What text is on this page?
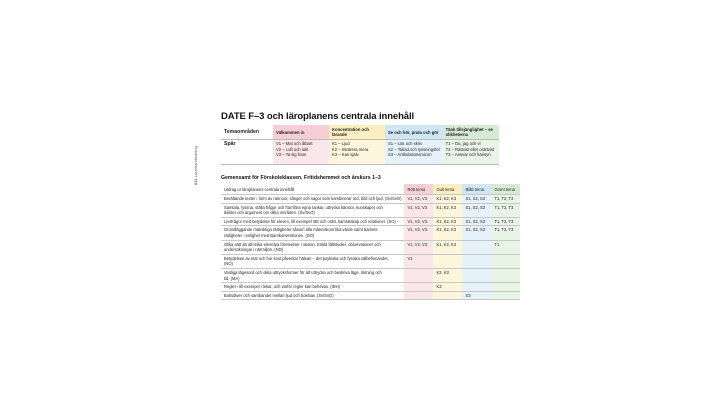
611 Lärarhandledning
DATE F–3 och läroplanens centrala innehåll
Temaområden	Välkommen in	Koncentration och lärande	Se och hör, prata och gör	Tänk tillsjänglighet – se olikheterna
Spår	V1 – Mat och åtbart
V2 – Luft och lukt
V3 – Ta sig fram	K1 – Ljud
K2 – Inträrera mera
K3 – Kan själv	S1 – Läs och skriv
S2 – Tal/ad och lyssningsfel
S3 – Artikulationsmicon	T1 – Du, jag och vi
T2 – Rättvist eller orättvist
T3 – Ansvar och hänsyn
Gemensamt för Förskoleklassen, Fritidshemmet och årskurs 1–3
Utdrag ur läroplanens centrala innehåll	Rött tema	Gult tema	Blått tema	Grönt tema

Berättande texter i form av rarinoor, sånger och sagor som kombinerar ord, bild och ljud. (Sv/SvO)	V1, V2, V3	K1, K2, K3	S1, S2, S3	T1, T2, T3

Samtala, lyssna, ställa frågor och framföra egna tankar, uttrycka känslor, kunskaper och
åsikter och argument om olika områden. (Sv/SvO)	V1, V2, V3	K1, K2, K3	S1, S2, S3	T1, T2, T3

Livsfrågor med betydelse för eleven, till exempel rätt och orätt, kamratskap och relationer. (SO)	V1, V2, V3	K1, K2, K3	S1, S2, S3	T1, T2, T3

Grundläggande mänskliga rättigheter såsom alla människors lika värde samt barnets
rättigheter i enlighet med Barnkonventionen. (SO)	V1, V2, V3	K1, K2, K3	S1, S2, S3	T1, T2, T3

Olika sätt att utforska elevnära företeelser i skolan. Enkla fältstudier, observationer och
undersökningar i närmiljön. (NO)	V1, V2, V3	K1, K2, K3		T1

Betydelsen av mat och hur kost påverkar hälsan – det psykiska och fysiska välbefinnandet.
(NO)	V1			

Vanliga lägesord och olika uttrycksformer för att uttrycka och beskriva läge, riktning och
tid. (MA)		K2, K3		

Regler i till exempel i lekar, och varför regler kan behövas. (IDH)		K3		

Bokstäver och sambandet mellan ljud och bokstav. (Sv/SvO)			S3	
